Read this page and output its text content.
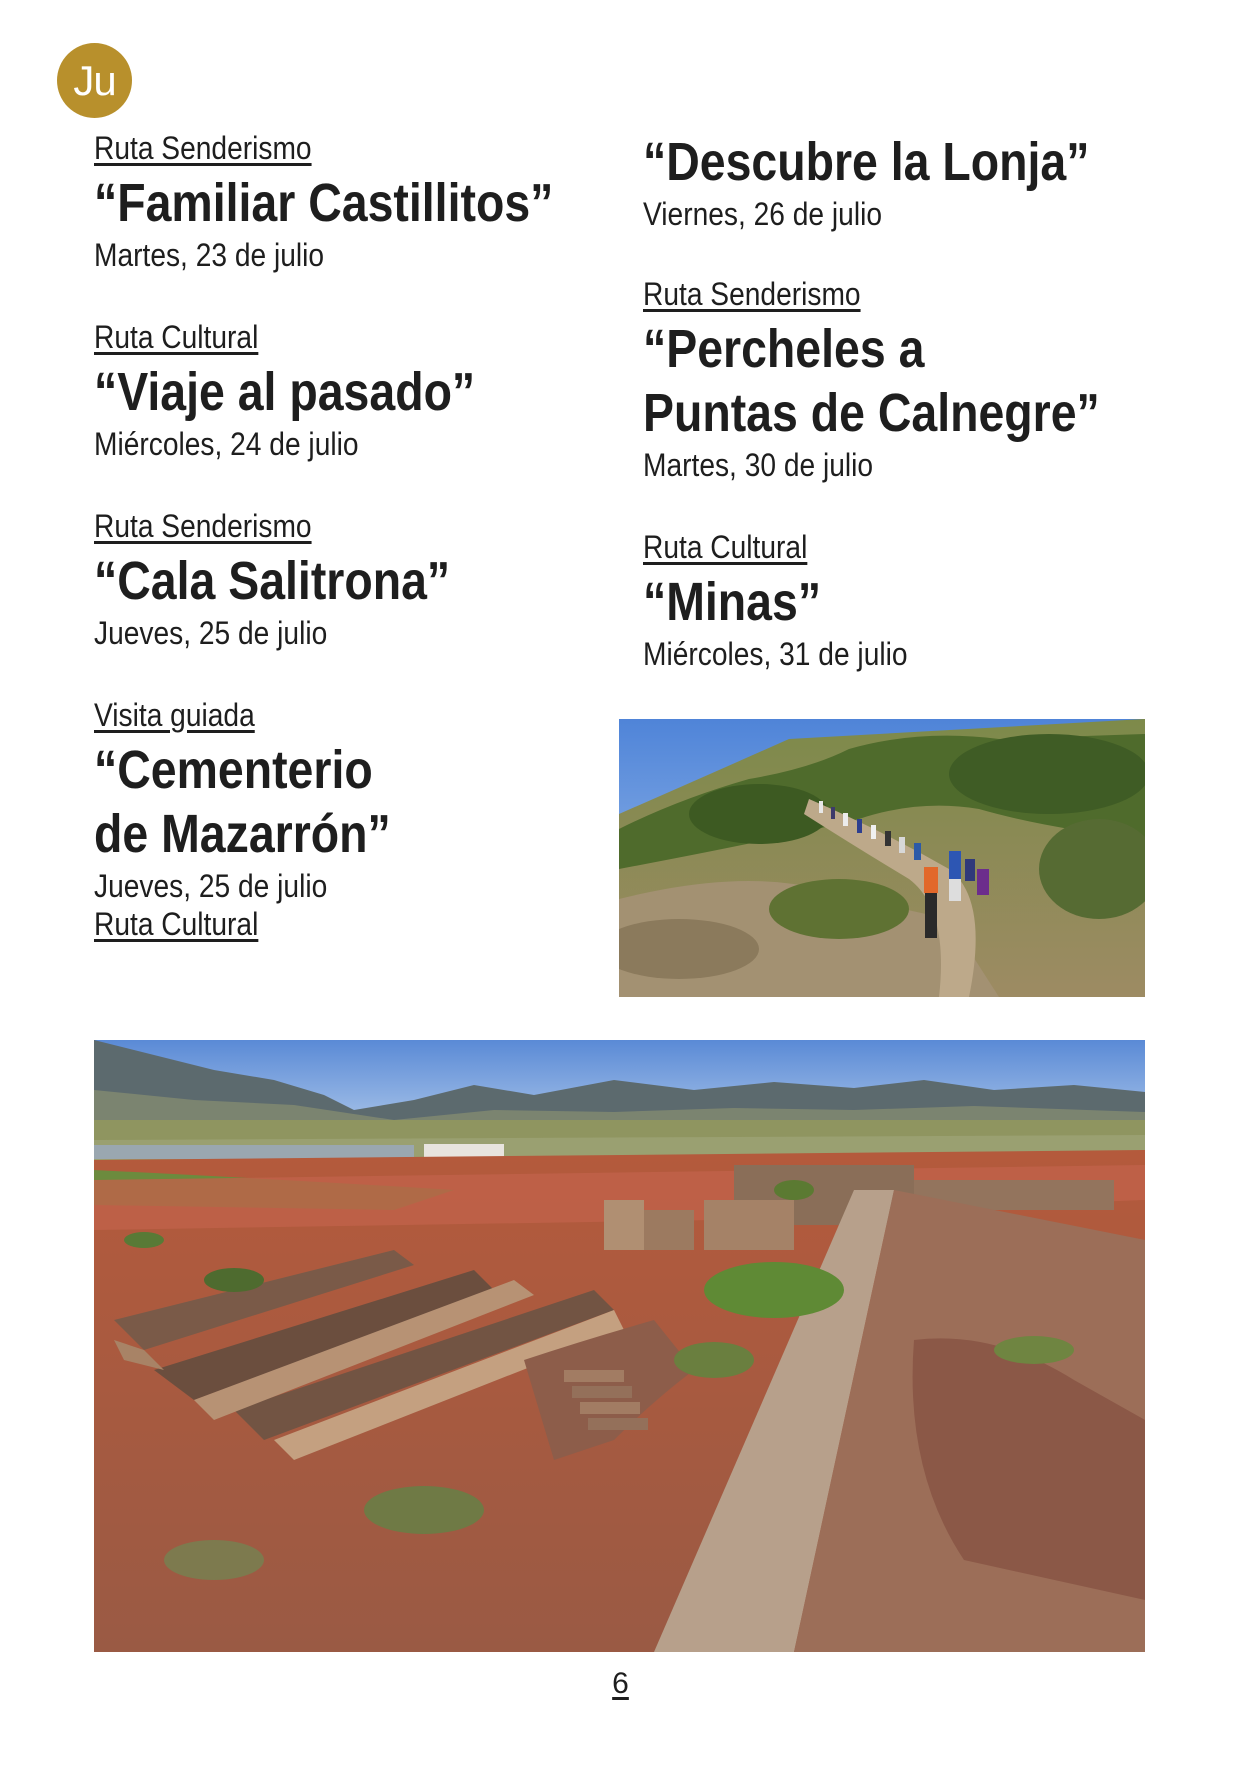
Ju
Ruta Senderismo
“Familiar Castillitos”
Martes, 23 de julio
Ruta Cultural
“Viaje al pasado”
Miércoles, 24 de julio
Ruta Senderismo
“Cala Salitrona”
Jueves, 25 de julio
Visita guiada
“Cementerio
de Mazarrón”
Jueves, 25 de julio
Ruta Cultural
“Descubre la Lonja”
Viernes, 26 de julio
Ruta Senderismo
“Percheles a
Puntas de Calnegre”
Martes, 30 de julio
Ruta Cultural
“Minas”
Miércoles, 31 de julio
6
